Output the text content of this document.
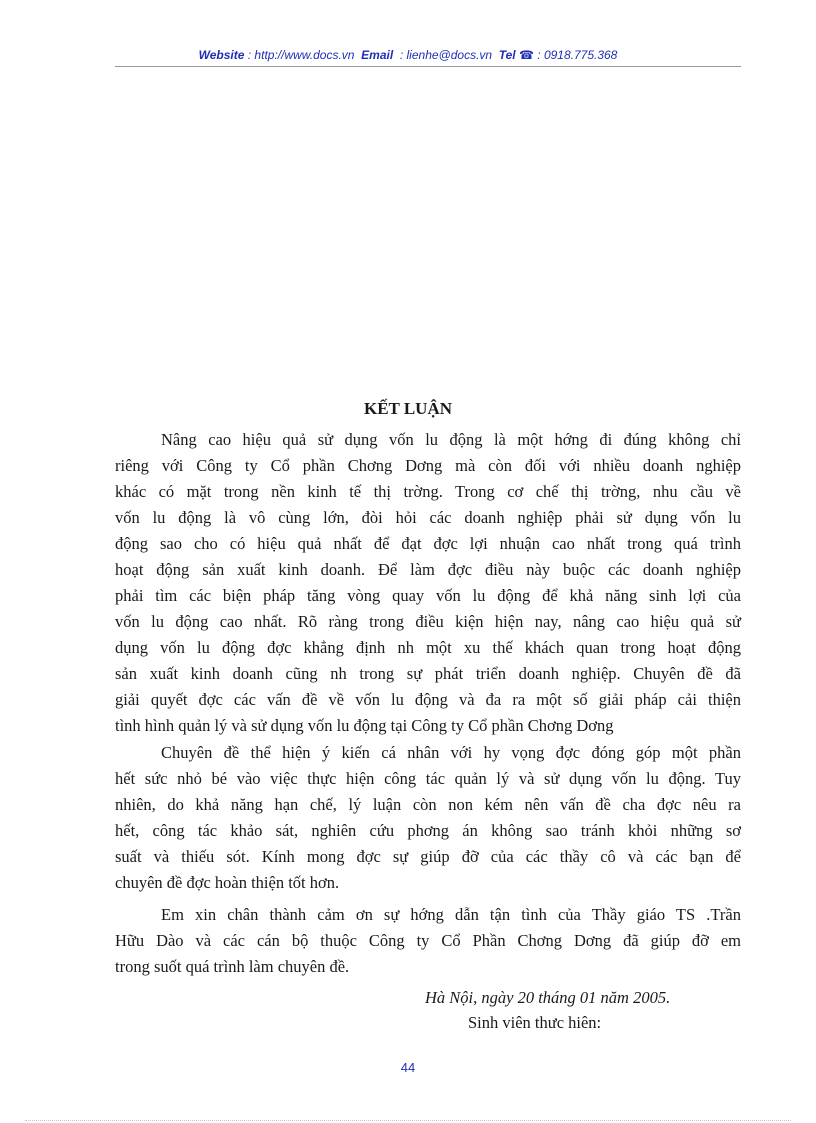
Website : http://www.docs.vn Email : lienhe@docs.vn Tel ☎ : 0918.775.368
KẾT LUẬN
Nâng cao hiệu quả sử dụng vốn lu động là một hớng đi đúng không chỉ
riêng với Công ty Cổ phần Chơng Dơng mà còn đối với nhiều doanh nghiệp
khác có mặt trong nền kinh tế thị trờng. Trong cơ chế thị trờng, nhu cầu về
vốn lu động là vô cùng lớn, đòi hỏi các doanh nghiệp phải sử dụng vốn lu
động sao cho có hiệu quả nhất để đạt đợc lợi nhuận cao nhất trong quá trình
hoạt động sản xuất kinh doanh. Để làm đợc điều này buộc các doanh nghiệp
phải tìm các biện pháp tăng vòng quay vốn lu động để khả năng sinh lợi của
vốn lu động cao nhất. Rõ ràng trong điều kiện hiện nay, nâng cao hiệu quả sử
dụng vốn lu động đợc khẳng định nh một xu thế khách quan trong hoạt động
sản xuất kinh doanh cũng nh trong sự phát triển doanh nghiệp. Chuyên đề đã
giải quyết đợc các vấn đề về vốn lu động và đa ra một số giải pháp cải thiện
tình hình quản lý và sử dụng vốn lu động tại Công ty Cổ phần Chơng Dơng
Chuyên đề thể hiện ý kiến cá nhân với hy vọng đợc đóng góp một phần
hết sức nhỏ bé vào việc thực hiện công tác quản lý và sử dụng vốn lu động. Tuy
nhiên, do khả năng hạn chế, lý luận còn non kém nên vấn đề cha đợc nêu ra
hết, công tác khảo sát, nghiên cứu phơng án không sao tránh khỏi những sơ
suất và thiếu sót. Kính mong đợc sự giúp đỡ của các thầy cô và các bạn để
chuyên đề đợc hoàn thiện tốt hơn.
Em xin chân thành cảm ơn sự hớng dẫn tận tình của Thầy giáo TS .Trần
Hữu Dào và các cán bộ thuộc Công ty Cổ Phần Chơng Dơng đã giúp đỡ em
trong suốt quá trình làm chuyên đề.
Hà Nội, ngày 20 tháng 01 năm 2005.
Sinh viên thưc hiên:
44
